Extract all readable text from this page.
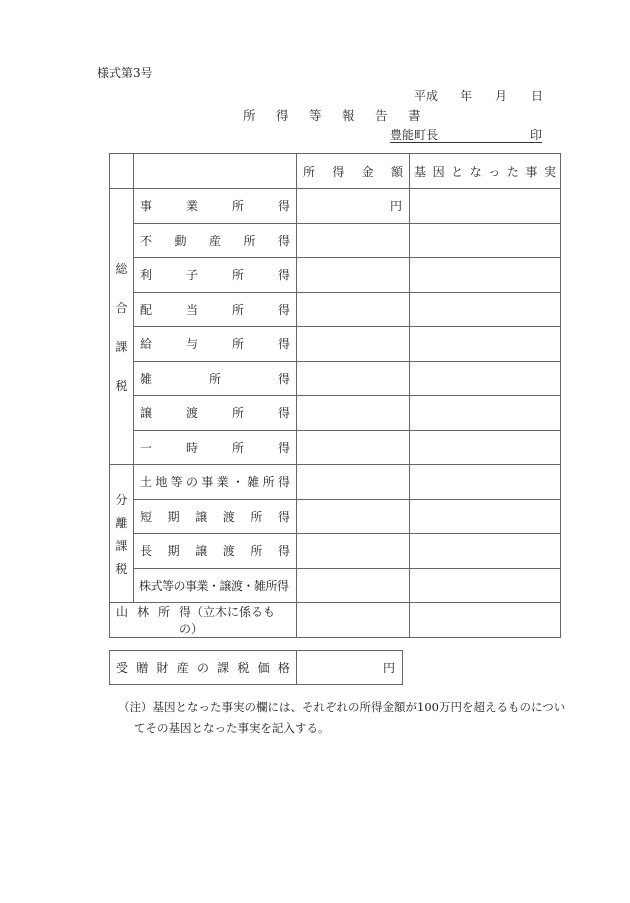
様式第3号
平成	年	月	日
所	得	等	報	告	書
豊能町長	印

所 得 金 額	基 因 と な っ た 事 実

総
合
課
税	事 業 所 得	円	

	不 動 産 所 得		

	利 子 所 得		

	配 当 所 得		

	給 与 所 得		

	雑 所 得		

	譲 渡 所 得		

	一 時 所 得		

分
離
課
税

土 地 等 の 事 業 ・ 雑 所 得

短 期 譲 渡 所 得

長 期 譲 渡 所 得

	株式等の事業・譲渡・雑所得		

山 林 所 得（立木に係るもの）			

受 贈 財 産 の 課 税 価 格	円
（注）基因となった事実の欄には、それぞれの所得金額が100万円を超えるものについ
てその基因となった事実を記入する。
